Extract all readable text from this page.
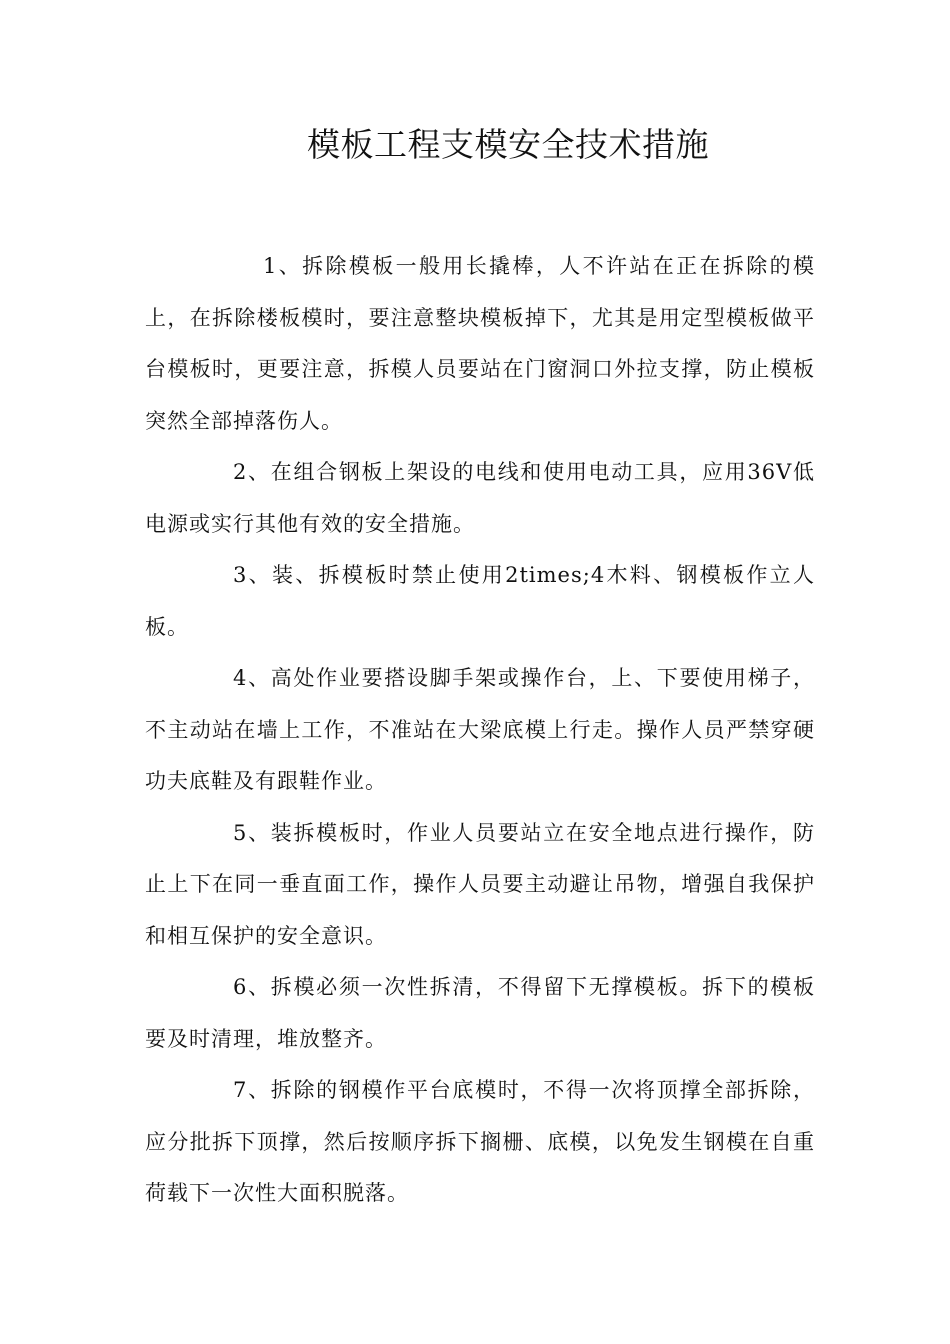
模板工程支模安全技术措施

1、拆除模板一般用长撬棒，人不许站在正在拆除的模上，在拆除楼板模时，要注意整块模板掉下，尤其是用定型模板做平台模板时，更要注意，拆模人员要站在门窗洞口外拉支撑，防止模板突然全部掉落伤人。

2、在组合钢板上架设的电线和使用电动工具，应用36V低电源或实行其他有效的安全措施。

3、装、拆模板时禁止使用2times;4木料、钢模板作立人板。

4、高处作业要搭设脚手架或操作台，上、下要使用梯子，不主动站在墙上工作，不准站在大梁底模上行走。操作人员严禁穿硬功夫底鞋及有跟鞋作业。

5、装拆模板时，作业人员要站立在安全地点进行操作，防止上下在同一垂直面工作，操作人员要主动避让吊物，增强自我保护和相互保护的安全意识。

6、拆模必须一次性拆清，不得留下无撑模板。拆下的模板要及时清理，堆放整齐。

7、拆除的钢模作平台底模时，不得一次将顶撑全部拆除，应分批拆下顶撑，然后按顺序拆下搁栅、底模，以免发生钢模在自重荷载下一次性大面积脱落。
